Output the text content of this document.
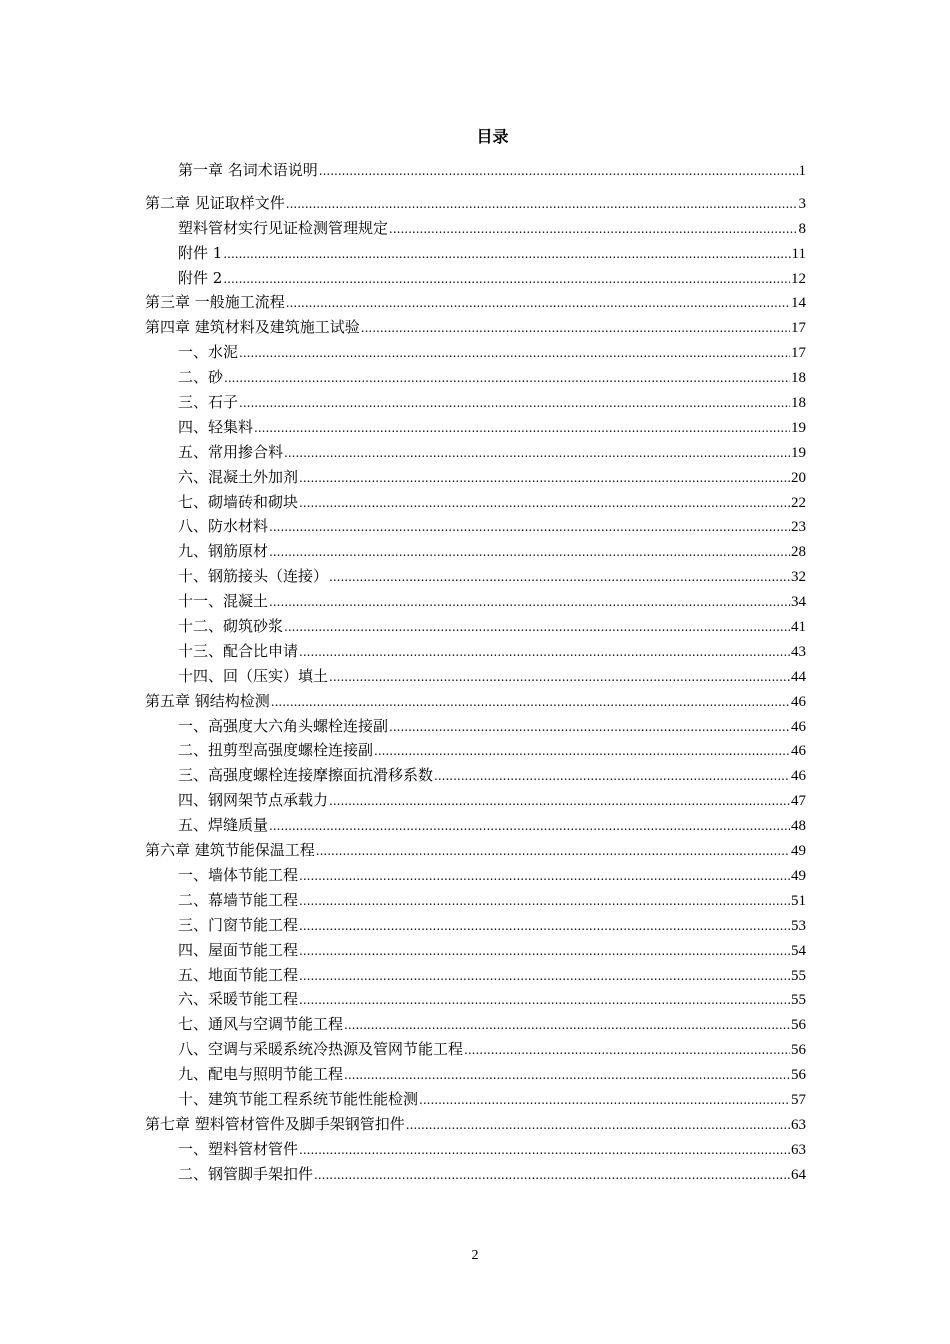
目录
第一章 名词术语说明 .....	1
第二章 见证取样文件 .....	3
塑料管材实行见证检测管理规定 .....	8
附件 1 .....	11
附件 2 .....	12
第三章 一般施工流程 .....	14
第四章 建筑材料及建筑施工试验 .....	17
一、水泥 .....	17
二、砂 .....	18
三、石子 .....	18
四、轻集料 .....	19
五、常用掺合料 .....	19
六、混凝土外加剂 .....	20
七、砌墙砖和砌块 .....	22
八、防水材料 .....	23
九、钢筋原材 .....	28
十、钢筋接头（连接） .....	32
十一、混凝土 .....	34
十二、砌筑砂浆 .....	41
十三、配合比申请 .....	43
十四、回（压实）填土 .....	44
第五章 钢结构检测 .....	46
一、高强度大六角头螺栓连接副 .....	46
二、扭剪型高强度螺栓连接副 .....	46
三、高强度螺栓连接摩擦面抗滑移系数 .....	46
四、钢网架节点承载力 .....	47
五、焊缝质量 .....	48
第六章 建筑节能保温工程 .....	49
一、墙体节能工程 .....	49
二、幕墙节能工程 .....	51
三、门窗节能工程 .....	53
四、屋面节能工程 .....	54
五、地面节能工程 .....	55
六、采暖节能工程 .....	55
七、通风与空调节能工程 .....	56
八、空调与采暖系统冷热源及管网节能工程 .....	56
九、配电与照明节能工程 .....	56
十、建筑节能工程系统节能性能检测 .....	57
第七章 塑料管材管件及脚手架钢管扣件 .....	63
一、塑料管材管件 .....	63
二、钢管脚手架扣件 .....	64
2
